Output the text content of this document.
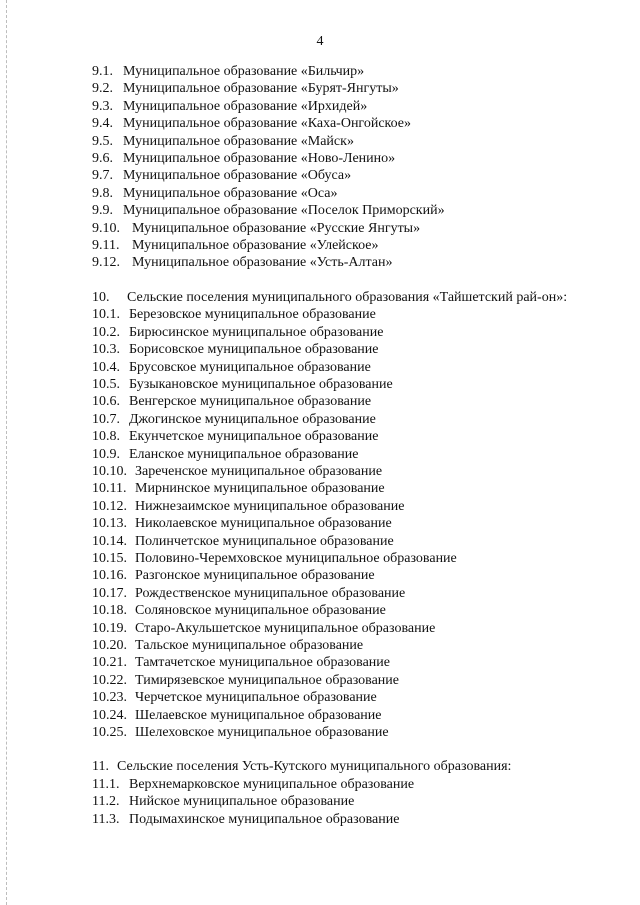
4
9.1. Муниципальное образование «Бильчир»
9.2. Муниципальное образование «Бурят-Янгуты»
9.3. Муниципальное образование «Ирхидей»
9.4. Муниципальное образование «Каха-Онгойское»
9.5. Муниципальное образование «Майск»
9.6. Муниципальное образование «Ново-Ленино»
9.7. Муниципальное образование «Обуса»
9.8. Муниципальное образование «Оса»
9.9. Муниципальное образование «Поселок Приморский»
9.10. Муниципальное образование «Русские Янгуты»
9.11. Муниципальное образование «Улейское»
9.12. Муниципальное образование «Усть-Алтан»
10.	Сельские поселения муниципального образования «Тайшетский рай-он»:
10.1. Березовское муниципальное образование
10.2. Бирюсинское муниципальное образование
10.3. Борисовское муниципальное образование
10.4. Брусовское муниципальное образование
10.5. Бузыкановское муниципальное образование
10.6. Венгерское муниципальное образование
10.7. Джогинское муниципальное образование
10.8. Екунчетское муниципальное образование
10.9. Еланское муниципальное образование
10.10. Зареченское муниципальное образование
10.11. Мирнинское муниципальное образование
10.12. Нижнезаимское муниципальное образование
10.13. Николаевское муниципальное образование
10.14. Полинчетское муниципальное образование
10.15. Половино-Черемховское муниципальное образование
10.16. Разгонское муниципальное образование
10.17. Рождественское муниципальное образование
10.18. Соляновское муниципальное образование
10.19. Старо-Акульшетское муниципальное образование
10.20. Тальское муниципальное образование
10.21. Тамтачетское муниципальное образование
10.22. Тимирязевское муниципальное образование
10.23. Черчетское муниципальное образование
10.24. Шелаевское муниципальное образование
10.25. Шелеховское муниципальное образование
11. Сельские поселения Усть-Кутского муниципального образования:
11.1. Верхнемарковское муниципальное образование
11.2. Нийское муниципальное образование
11.3. Подымахинское муниципальное образование
